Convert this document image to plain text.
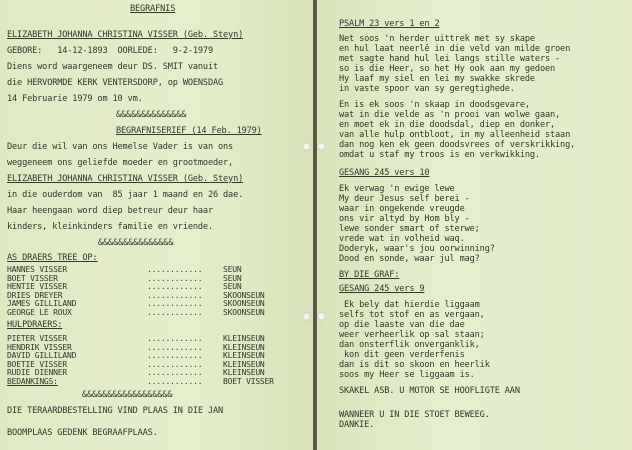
BEGRAFNIS
ELIZABETH JOHANNA CHRISTINA VISSER (Geb. Steyn)
GEBORE:   14-12-1893  OORLEDE:   9-2-1979
Diens word waargeneem deur DS. SMIT vanuit
die HERVORMDE KERK VENTERSDORP, op WOENSDAG
14 Februarie 1979 om 10 vm.
&&&&&&&&&&&&&&
BEGRAFNISERIEF (14 Feb. 1979)
Deur die wil van ons Hemelse Vader is van ons
weggeneem ons geliefde moeder en grootmoeder,
ELIZABETH JOHANNA CHRISTINA VISSER (Geb. Steyn)
in die ouderdom van  85 jaar 1 maand en 26 dae.
Haar heengaan word diep betreur deur haar
kinders, kleinkinders familie en vriende.
&&&&&&&&&&&&&&&
AS DRAERS TREE OP:
HANNES VISSER	............	SEUN
BOET VISSER	............	SEUN
HENTIE VISSER	............	SEUN
DRIES DREYER	............	SKOONSEUN
JAMES GILLILAND	............	SKOONSEUN
GEORGE LE ROUX	............	SKOONSEUN
HULPDRAERS:
PIETER VISSER	............	KLEINSEUN
HENDRIK VISSER	............	KLEINSEUN
DAVID GILLILAND	............	KLEINSEUN
BOETIE VISSER	............	KLEINSEUN
RUDIE DIENNER	............	KLEINSEUN
BEDANKINGS:	............	BOET VISSER
&&&&&&&&&&&&&&&&&&
DIE TERAARDBESTELLING VIND PLAAS IN DIE JAN
BOOMPLAAS GEDENK BEGRAAFPLAAS.
PSALM 23 vers 1 en 2
Net soos 'n herder uittrek met sy skape
en hul laat neerlê in die veld van milde groen
met sagte hand hul lei langs stille waters -
so is die Heer, so het Hy ook aan my gedoen
Hy laaf my siel en lei my swakke skrede
in vaste spoor van sy geregtighede.
En is ek soos 'n skaap in doodsgevare,
wat in die velde as 'n prooi van wolwe gaan,
en moet ek in die doodsdal, diep en donker,
van alle hulp ontbloot, in my alleenheid staan
dan nog ken ek geen doodsvrees of verskrikking,
omdat u staf my troos is en verkwikking.
GESANG 245 vers 10
Ek verwag 'n ewige lewe
My deur Jesus self berei -
waar in ongekende vreugde
ons vir altyd by Hom bly -
lewe sonder smart of sterwe;
vrede wat in volheid waq.
Doderyk, waar's jou oorwinning?
Dood en sonde, waar jul mag?
BY DIE GRAF:
GESANG 245 vers 9
Ek bely dat hierdie liggaam
selfs tot stof en as vergaan,
op die laaste van die dae
weer verheerlik op sal staan;
dan onsterflik onverganklik,
kon dit geen verderfenis
dan is dit so skoon en heerlik
soos my Heer se liggaam is.
SKAKEL ASB. U MOTOR SE HOOFLIGTE AAN
WANNEER U IN DIE STOET BEWEEG.
DANKIE.
